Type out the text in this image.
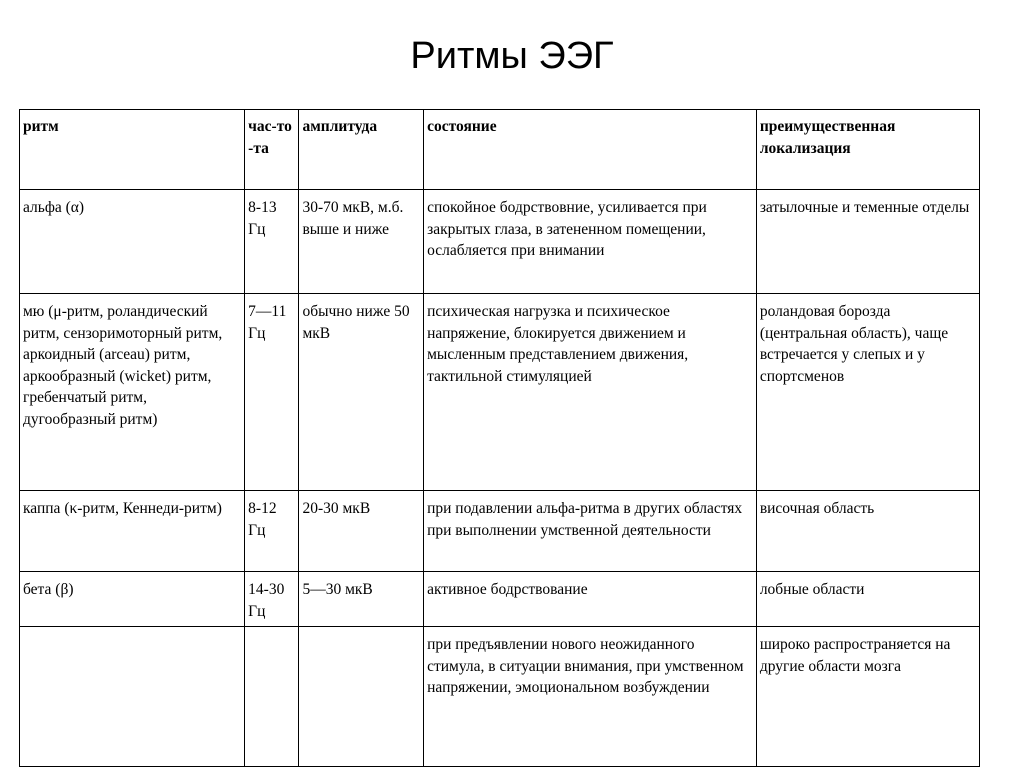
Ритмы ЭЭГ
ритм	час-то -та	амплитуда	состояние	преимущественная локализация
альфа (α)	8-13 Гц	30-70 мкВ, м.б. выше и ниже	спокойное бодрствовние, усиливается при закрытых глаза, в затененном помещении, ослабляется при внимании	затылочные и теменные отделы
мю (μ-ритм, роландический ритм, сензоримоторный ритм, аркоидный (arceau) ритм, аркообразный (wicket) ритм, гребенчатый ритм, дугообразный ритм)	7—11 Гц	обычно ниже 50 мкВ	психическая нагрузка и психическое напряжение, блокируется движением и мысленным представлением движения, тактильной стимуляцией	роландовая борозда (центральная область), чаще встречается у слепых и у спортсменов
каппа (κ-ритм, Кеннеди-ритм)	8-12 Гц	20-30 мкВ	при подавлении альфа-ритма в других областях при выполнении умственной деятельности	височная область
бета (β)	14-30 Гц	5—30 мкВ	активное бодрствование	лобные области
			при предъявлении нового неожиданного стимула, в ситуации внимания, при умственном напряжении, эмоциональном возбуждении	широко распространяется на другие области мозга
